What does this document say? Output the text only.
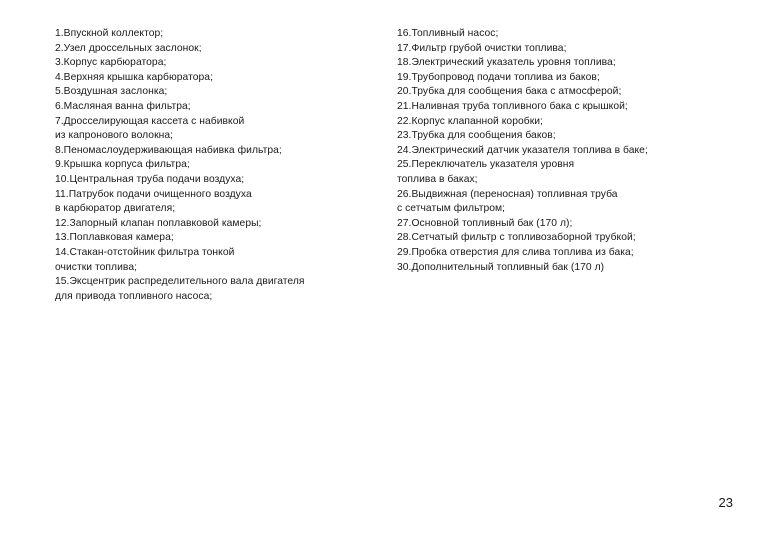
1.Впускной коллектор;
2.Узел дроссельных заслонок;
3.Корпус карбюратора;
4.Верхняя крышка карбюратора;
5.Воздушная заслонка;
6.Масляная ванна фильтра;
7.Дросселирующая кассета с набивкой
из капронового волокна;
8.Пеномаслоудерживающая набивка фильтра;
9.Крышка корпуса фильтра;
10.Центральная труба подачи воздуха;
11.Патрубок подачи очищенного воздуха
в карбюратор двигателя;
12.Запорный клапан поплавковой камеры;
13.Поплавковая камера;
14.Стакан-отстойник фильтра тонкой
очистки топлива;
15.Эксцентрик распределительного вала двигателя
для привода топливного насоса;
16.Топливный насос;
17.Фильтр грубой очистки топлива;
18.Электрический указатель уровня топлива;
19.Трубопровод подачи топлива из баков;
20.Трубка для сообщения бака с атмосферой;
21.Наливная труба топливного бака с крышкой;
22.Корпус клапанной коробки;
23.Трубка для сообщения баков;
24.Электрический датчик указателя топлива в баке;
25.Переключатель указателя уровня
топлива в баках;
26.Выдвижная (переносная) топливная труба
с сетчатым фильтром;
27.Основной топливный бак (170 л);
28.Сетчатый фильтр с топливозаборной трубкой;
29.Пробка отверстия для слива топлива из бака;
30.Дополнительный топливный бак (170 л)
23
